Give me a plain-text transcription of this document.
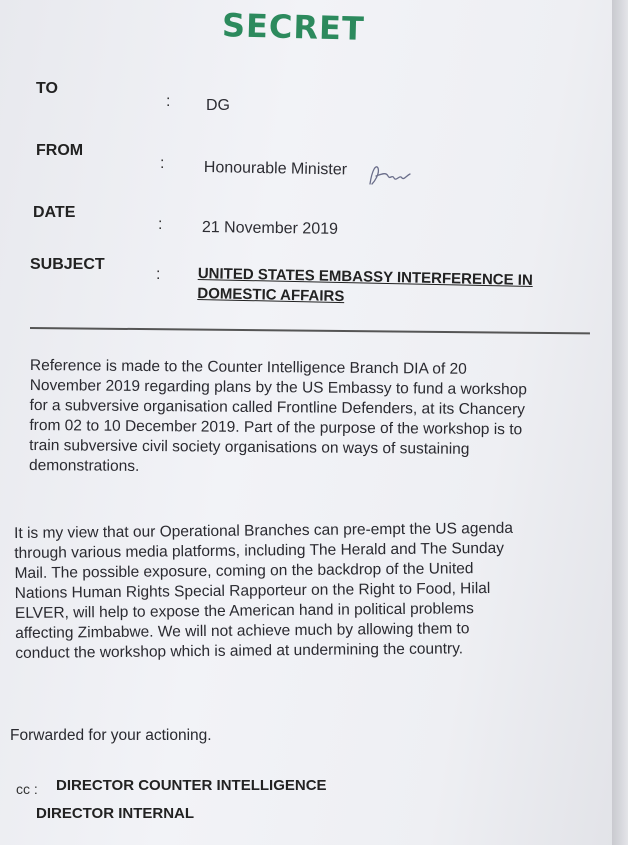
SECRET
TO
: DG
FROM
: Honourable Minister
DATE
: 21 November 2019
SUBJECT
: UNITED STATES EMBASSY INTERFERENCE IN DOMESTIC AFFAIRS
Reference is made to the Counter Intelligence Branch DIA of 20
November 2019 regarding plans by the US Embassy to fund a workshop
for a subversive organisation called Frontline Defenders, at its Chancery
from 02 to 10 December 2019. Part of the purpose of the workshop is to
train subversive civil society organisations on ways of sustaining
demonstrations.
It is my view that our Operational Branches can pre-empt the US agenda
through various media platforms, including The Herald and The Sunday
Mail. The possible exposure, coming on the backdrop of the United
Nations Human Rights Special Rapporteur on the Right to Food, Hilal
ELVER, will help to expose the American hand in political problems
affecting Zimbabwe. We will not achieve much by allowing them to
conduct the workshop which is aimed at undermining the country.
Forwarded for your actioning.
cc : DIRECTOR COUNTER INTELLIGENCE
DIRECTOR INTERNAL
